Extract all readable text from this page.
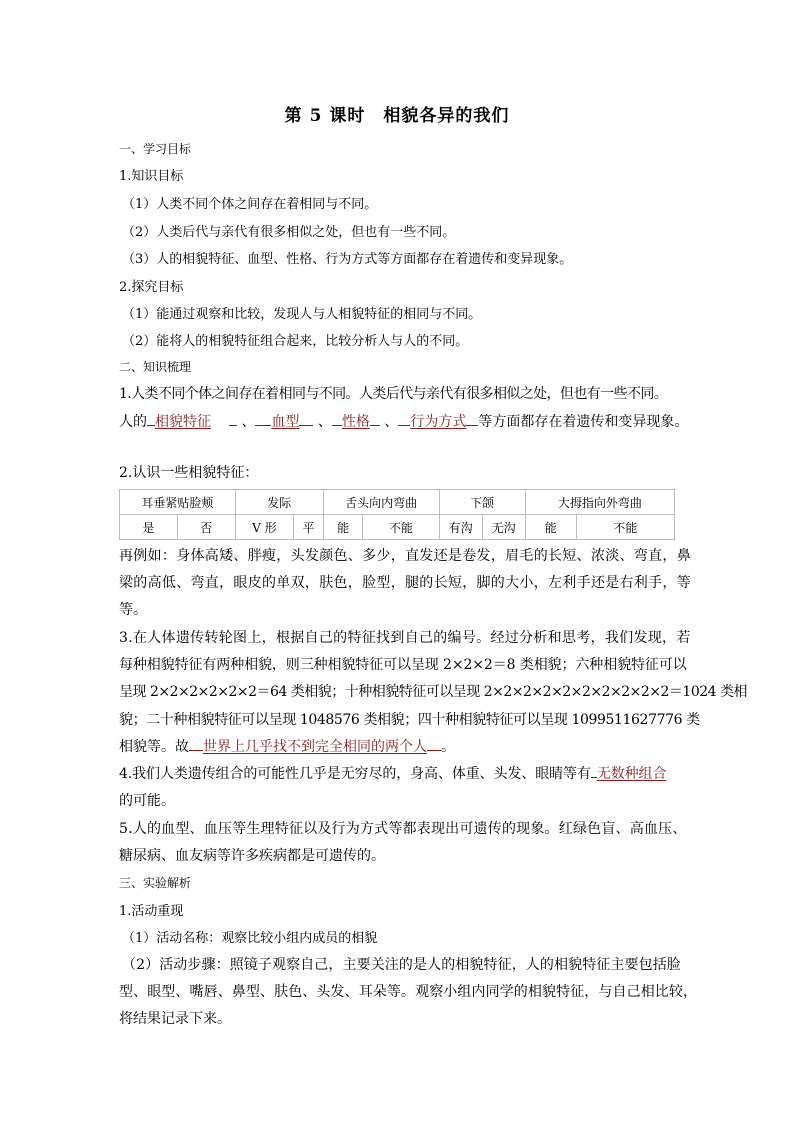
第 5 课时　相貌各异的我们
一、学习目标
1.知识目标
（1）人类不同个体之间存在着相同与不同。
（2）人类后代与亲代有很多相似之处，但也有一些不同。
（3）人的相貌特征、血型、性格、行为方式等方面都存在着遗传和变异现象。
2.探究目标
（1）能通过观察和比较，发现人与人相貌特征的相同与不同。
（2）能将人的相貌特征组合起来，比较分析人与人的不同。
二、知识梳理
1.人类不同个体之间存在着相同与不同。人类后代与亲代有很多相似之处，但也有一些不同。
人的 相貌特征 、 血型 、 性格 、 行为方式 等方面都存在着遗传和变异现象。
2.认识一些相貌特征：
耳垂紧贴脸颊		发际		舌头向内弯曲		下颌		大拇指向外弯曲	
是	否	V 形	平	能	不能	有沟	无沟	能	不能
再例如：身体高矮、胖瘦，头发颜色、多少，直发还是卷发，眉毛的长短、浓淡、弯直，鼻
梁的高低、弯直，眼皮的单双，肤色，脸型，腿的长短，脚的大小，左利手还是右利手，等
等。
3.在人体遗传转轮图上，根据自己的特征找到自己的编号。经过分析和思考，我们发现，若
每种相貌特征有两种相貌，则三种相貌特征可以呈现 2×2×2＝8 类相貌；六种相貌特征可以
呈现 2×2×2×2×2×2＝64 类相貌；十种相貌特征可以呈现 2×2×2×2×2×2×2×2×2×2＝1024 类相
貌；二十种相貌特征可以呈现 1048576 类相貌；四十种相貌特征可以呈现 1099511627776 类
相貌等。故 世界上几乎找不到完全相同的两个人 。
4.我们人类遗传组合的可能性几乎是无穷尽的，身高、体重、头发、眼睛等有 无数种组合
的可能。
5.人的血型、血压等生理特征以及行为方式等都表现出可遗传的现象。红绿色盲、高血压、
糖尿病、血友病等许多疾病都是可遗传的。
三、实验解析
1.活动重现
（1）活动名称：观察比较小组内成员的相貌
（2）活动步骤：照镜子观察自己，主要关注的是人的相貌特征，人的相貌特征主要包括脸
型、眼型、嘴唇、鼻型、肤色、头发、耳朵等。观察小组内同学的相貌特征，与自己相比较，
将结果记录下来。
